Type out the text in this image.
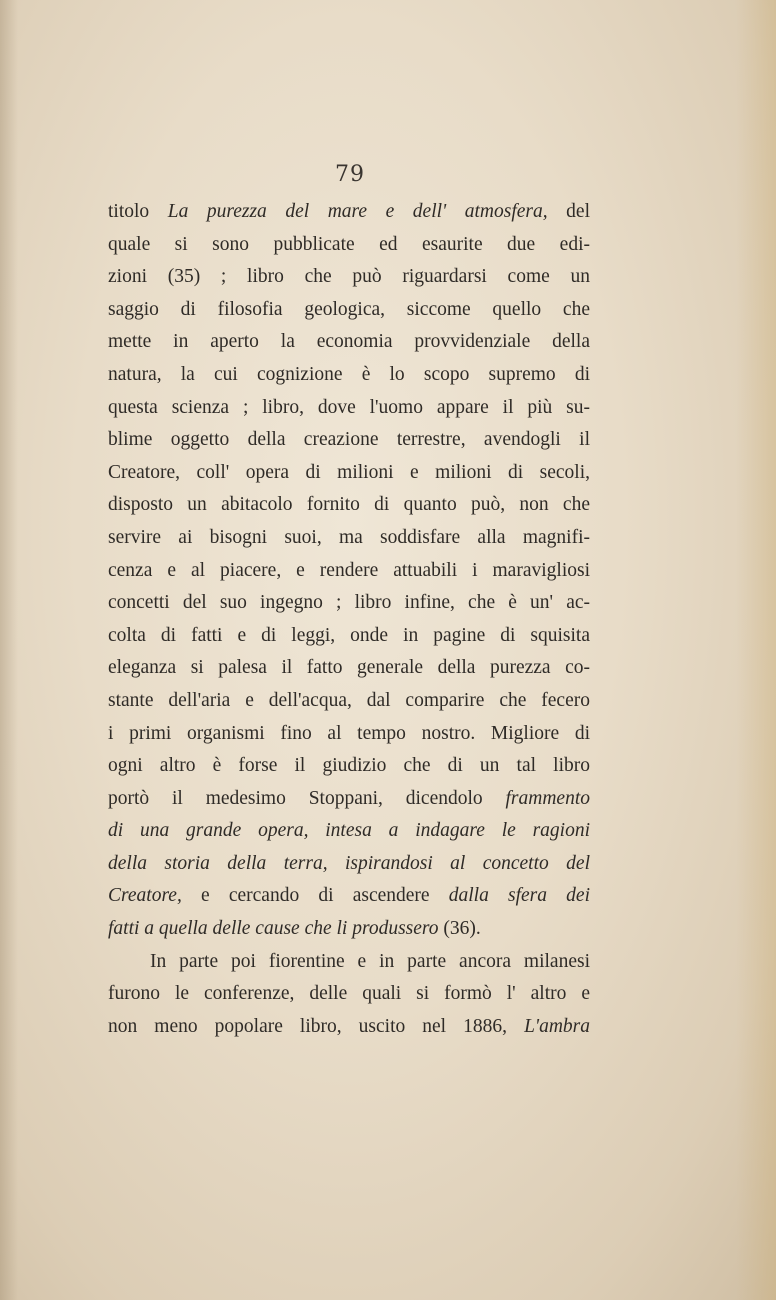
79
titolo La purezza del mare e dell' atmosfera, del
quale si sono pubblicate ed esaurite due edi-
zioni (35) ; libro che può riguardarsi come un
saggio di filosofia geologica, siccome quello che
mette in aperto la economia provvidenziale della
natura, la cui cognizione è lo scopo supremo di
questa scienza ; libro, dove l'uomo appare il più su-
blime oggetto della creazione terrestre, avendogli il
Creatore, coll' opera di milioni e milioni di secoli,
disposto un abitacolo fornito di quanto può, non che
servire ai bisogni suoi, ma soddisfare alla magnifi-
cenza e al piacere, e rendere attuabili i maravigliosi
concetti del suo ingegno ; libro infine, che è un' ac-
colta di fatti e di leggi, onde in pagine di squisita
eleganza si palesa il fatto generale della purezza co-
stante dell'aria e dell'acqua, dal comparire che fecero
i primi organismi fino al tempo nostro. Migliore di
ogni altro è forse il giudizio che di un tal libro
portò il medesimo Stoppani, dicendolo frammento
di una grande opera, intesa a indagare le ragioni
della storia della terra, ispirandosi al concetto del
Creatore, e cercando di ascendere dalla sfera dei
fatti a quella delle cause che li produssero (36).
In parte poi fiorentine e in parte ancora milanesi
furono le conferenze, delle quali si formò l' altro e
non meno popolare libro, uscito nel 1886, L'ambra
